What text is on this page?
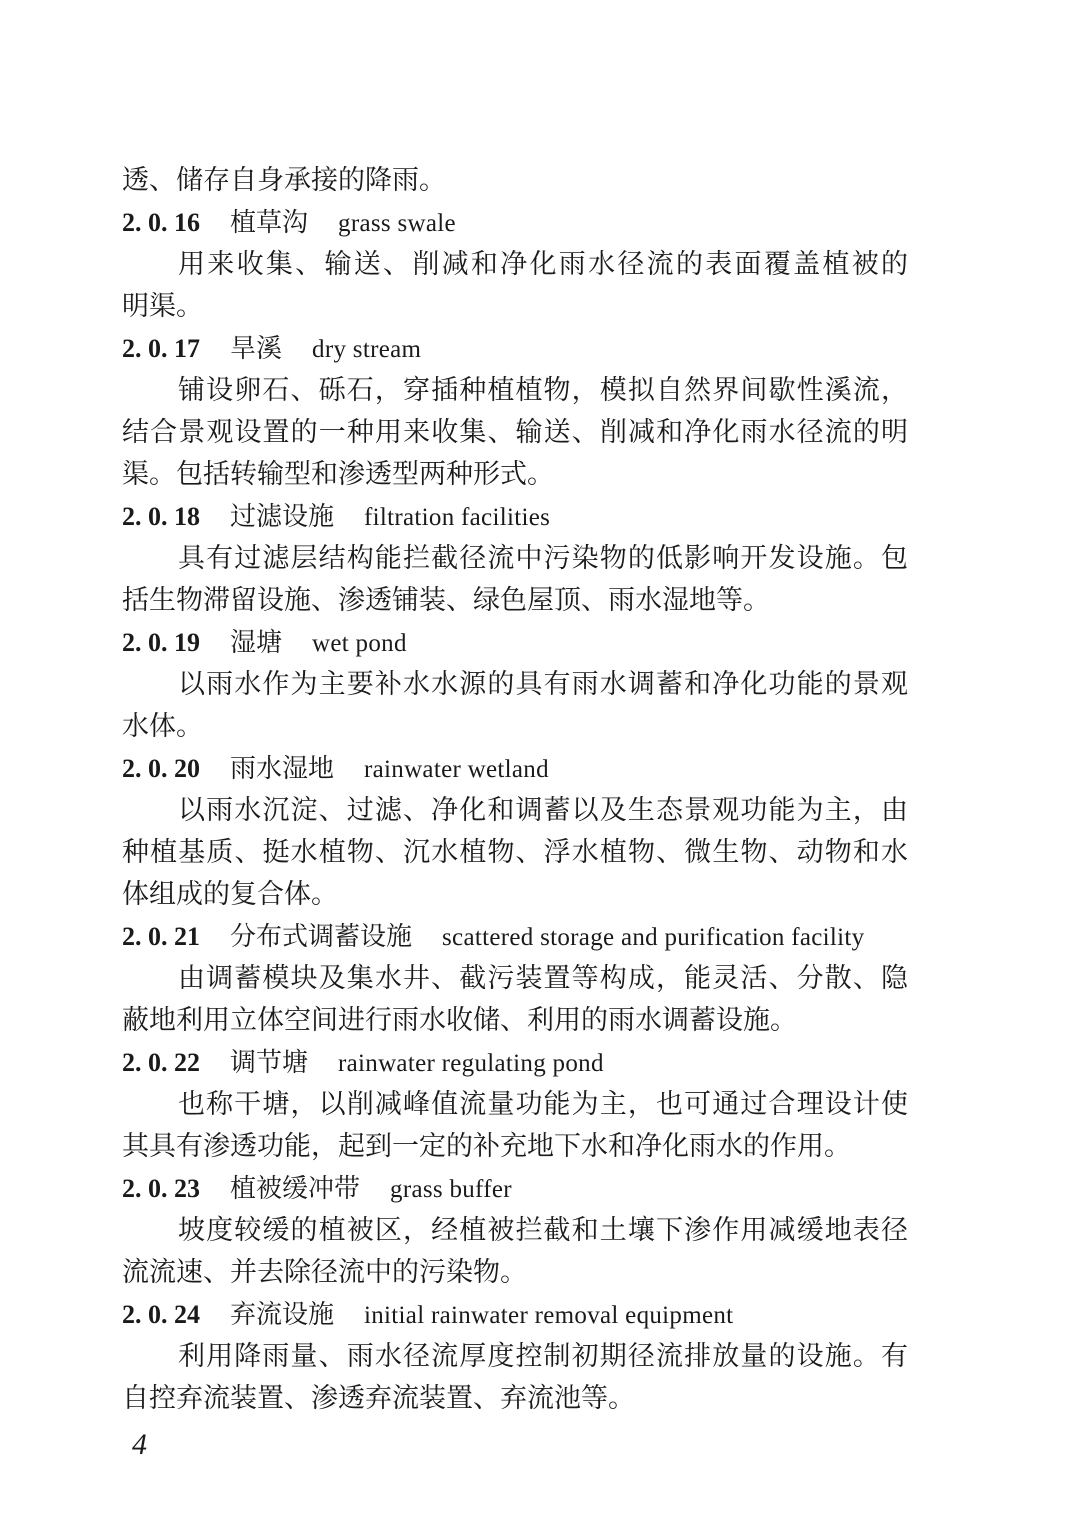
透、储存自身承接的降雨。
2. 0. 16 植草沟 grass swale
用来收集、输送、削减和净化雨水径流的表面覆盖植被的
明渠。
2. 0. 17 旱溪 dry stream
铺设卵石、砾石，穿插种植植物，模拟自然界间歇性溪流，
结合景观设置的一种用来收集、输送、削减和净化雨水径流的明
渠。包括转输型和渗透型两种形式。
2. 0. 18 过滤设施 filtration facilities
具有过滤层结构能拦截径流中污染物的低影响开发设施。包
括生物滞留设施、渗透铺装、绿色屋顶、雨水湿地等。
2. 0. 19 湿塘 wet pond
以雨水作为主要补水水源的具有雨水调蓄和净化功能的景观
水体。
2. 0. 20 雨水湿地 rainwater wetland
以雨水沉淀、过滤、净化和调蓄以及生态景观功能为主，由
种植基质、挺水植物、沉水植物、浮水植物、微生物、动物和水
体组成的复合体。
2. 0. 21 分布式调蓄设施 scattered storage and purification facility
由调蓄模块及集水井、截污装置等构成，能灵活、分散、隐
蔽地利用立体空间进行雨水收储、利用的雨水调蓄设施。
2. 0. 22 调节塘 rainwater regulating pond
也称干塘，以削减峰值流量功能为主，也可通过合理设计使
其具有渗透功能，起到一定的补充地下水和净化雨水的作用。
2. 0. 23 植被缓冲带 grass buffer
坡度较缓的植被区，经植被拦截和土壤下渗作用减缓地表径
流流速、并去除径流中的污染物。
2. 0. 24 弃流设施 initial rainwater removal equipment
利用降雨量、雨水径流厚度控制初期径流排放量的设施。有
自控弃流装置、渗透弃流装置、弃流池等。
4
